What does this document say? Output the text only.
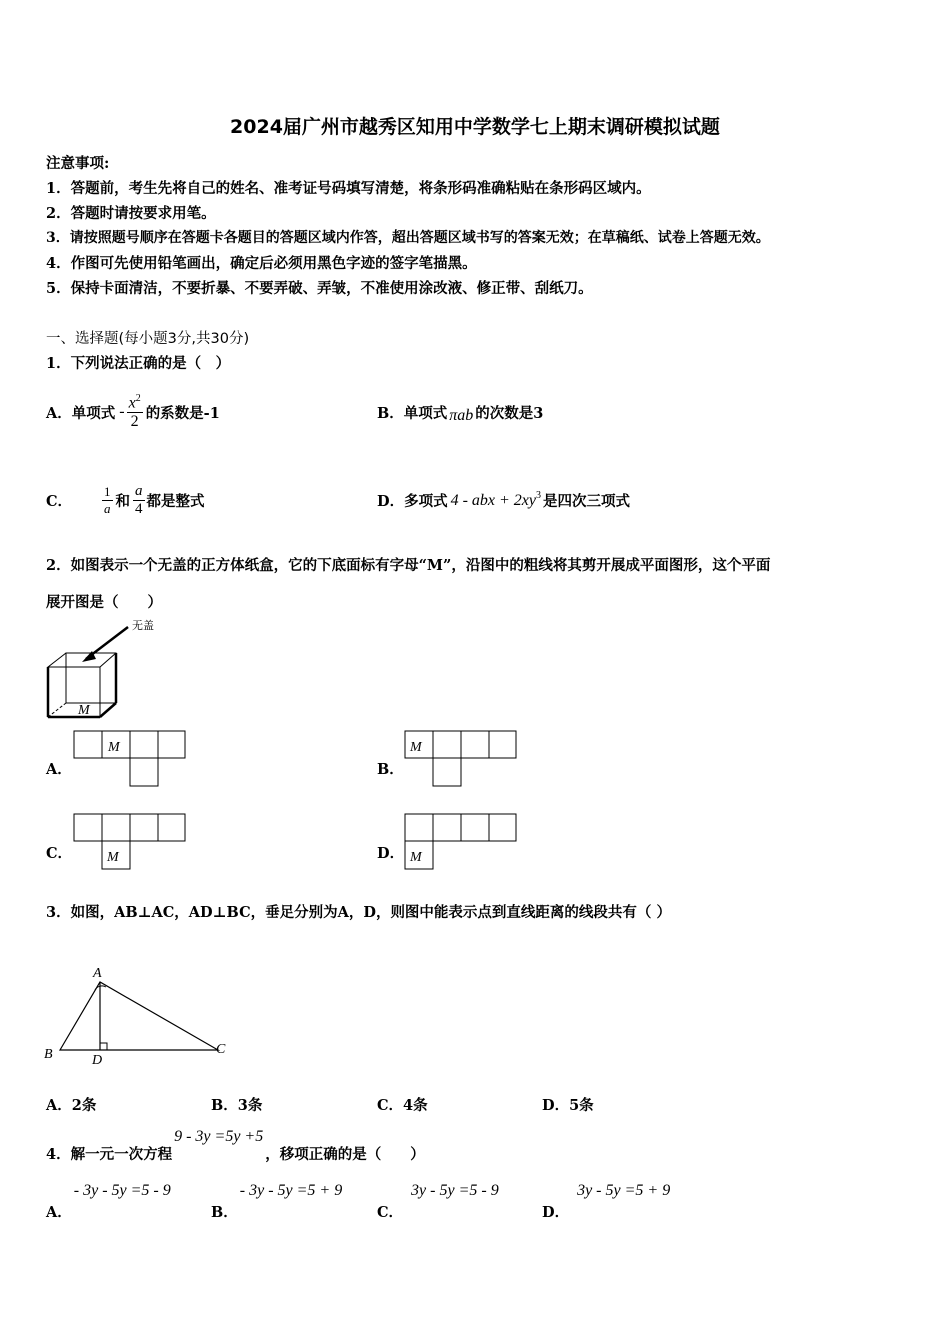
2024届广州市越秀区知用中学数学七上期末调研模拟试题
注意事项:
1．答题前，考生先将自己的姓名、准考证号码填写清楚，将条形码准确粘贴在条形码区域内。
2．答题时请按要求用笔。
3．请按照题号顺序在答题卡各题目的答题区域内作答，超出答题区域书写的答案无效；在草稿纸、试卷上答题无效。
4．作图可先使用铅笔画出，确定后必须用黑色字迹的签字笔描黑。
5．保持卡面清洁，不要折暴、不要弄破、弄皱，不准使用涂改液、修正带、刮纸刀。
一、选择题(每小题3分,共30分)
1．下列说法正确的是（　）
A．单项式 - $\frac{x^2}{2}$ 的系数是-1	B．单项式 πab 的次数是3
C． $\frac{1}{a}$ 和 $\frac{a}{4}$ 都是整式	D．多项式 4 - abx + $2xy^3$ 是四次三项式
2．如图表示一个无盖的正方体纸盒，它的下底面标有字母“M”，沿图中的粗线将其剪开展成平面图形，这个平面
展开图是（　　）
无盖
M
A．
M
B．
M
C． M	D． M
3．如图，AB⊥AC，AD⊥BC，垂足分别为A，D，则图中能表示点到直线距离的线段共有（ ）
A
B	C
D
A．2条	B．3条	C．4条	D．5条
4．解一元一次方程
9 - 3y =5y +5
，移项正确的是（　　）
A．
- 3y - 5y =5 - 9
B．
- 3y - 5y =5 + 9
C．
3y - 5y =5 - 9
D．
3y - 5y =5 + 9
